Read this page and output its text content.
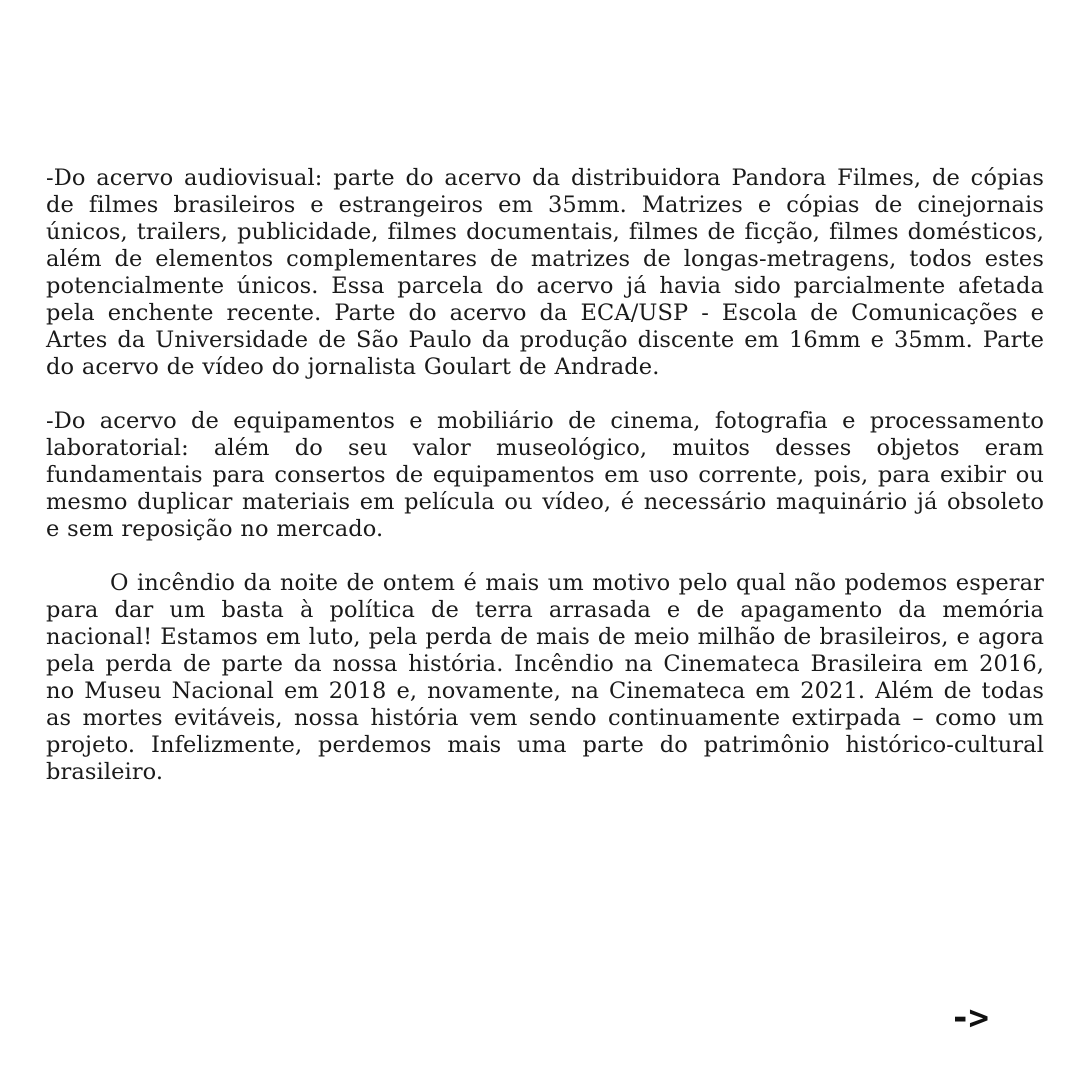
-Do acervo audiovisual: parte do acervo da distribuidora Pandora Filmes, de cópias de filmes brasileiros e estrangeiros em 35mm. Matrizes e cópias de cinejornais únicos, trailers, publicidade, filmes documentais, filmes de ficção, filmes domésticos, além de elementos complementares de matrizes de longas-metragens, todos estes potencialmente únicos. Essa parcela do acervo já havia sido parcialmente afetada pela enchente recente. Parte do acervo da ECA/USP - Escola de Comunicações e Artes da Universidade de São Paulo da produção discente em 16mm e 35mm. Parte do acervo de vídeo do jornalista Goulart de Andrade.

-Do acervo de equipamentos e mobiliário de cinema, fotografia e processamento laboratorial: além do seu valor museológico, muitos desses objetos eram fundamentais para consertos de equipamentos em uso corrente, pois, para exibir ou mesmo duplicar materiais em película ou vídeo, é necessário maquinário já obsoleto e sem reposição no mercado.

O incêndio da noite de ontem é mais um motivo pelo qual não podemos esperar para dar um basta à política de terra arrasada e de apagamento da memória nacional! Estamos em luto, pela perda de mais de meio milhão de brasileiros, e agora pela perda de parte da nossa história. Incêndio na Cinemateca Brasileira em 2016, no Museu Nacional em 2018 e, novamente, na Cinemateca em 2021. Além de todas as mortes evitáveis, nossa história vem sendo continuamente extirpada – como um projeto. Infelizmente, perdemos mais uma parte do patrimônio histórico-cultural brasileiro.

->
